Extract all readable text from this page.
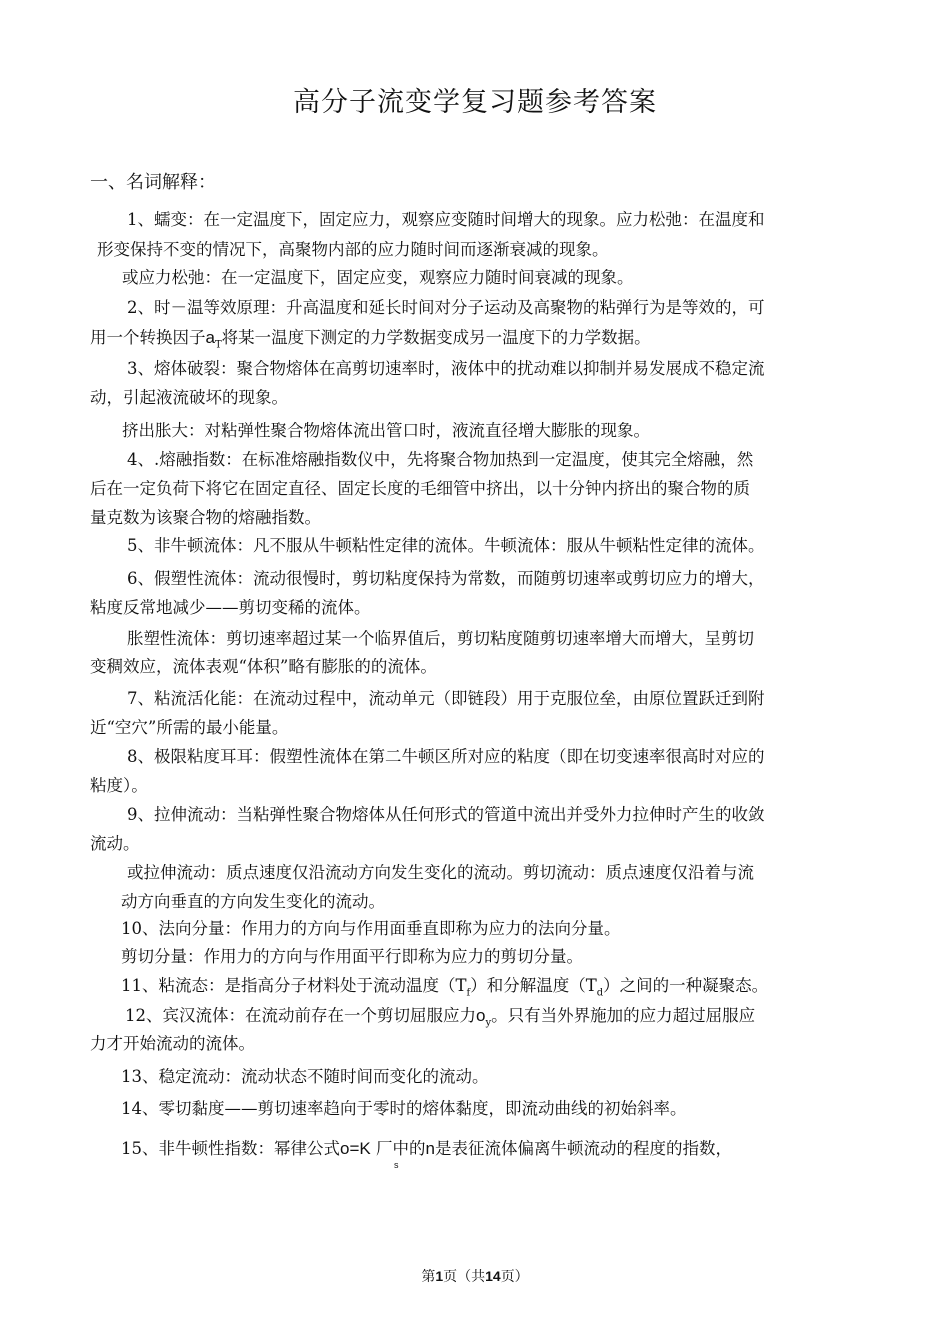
高分子流变学复习题参考答案
一、名词解释：
1、蠕变：在一定温度下，固定应力，观察应变随时间增大的现象。应力松弛：在温度和
形变保持不变的情况下，高聚物内部的应力随时间而逐渐衰减的现象。
或应力松弛：在一定温度下，固定应变，观察应力随时间衰减的现象。
2、时－温等效原理：升高温度和延长时间对分子运动及高聚物的粘弹行为是等效的，可
用一个转换因子$a_T$将某一温度下测定的力学数据变成另一温度下的力学数据。
3、熔体破裂：聚合物熔体在高剪切速率时，液体中的扰动难以抑制并易发展成不稳定流
动，引起液流破坏的现象。
挤出胀大：对粘弹性聚合物熔体流出管口时，液流直径增大膨胀的现象。
4、.熔融指数：在标准熔融指数仪中，先将聚合物加热到一定温度，使其完全熔融，然
后在一定负荷下将它在固定直径、固定长度的毛细管中挤出，以十分钟内挤出的聚合物的质
量克数为该聚合物的熔融指数。
5、非牛顿流体：凡不服从牛顿粘性定律的流体。牛顿流体：服从牛顿粘性定律的流体。
6、假塑性流体：流动很慢时，剪切粘度保持为常数，而随剪切速率或剪切应力的增大，
粘度反常地减少——剪切变稀的流体。
胀塑性流体：剪切速率超过某一个临界值后，剪切粘度随剪切速率增大而增大，呈剪切
变稠效应，流体表观“体积”略有膨胀的的流体。
7、粘流活化能：在流动过程中，流动单元（即链段）用于克服位垒，由原位置跃迁到附
近“空穴”所需的最小能量。
8、极限粘度耳耳：假塑性流体在第二牛顿区所对应的粘度（即在切变速率很高时对应的
粘度）。
9、拉伸流动：当粘弹性聚合物熔体从任何形式的管道中流出并受外力拉伸时产生的收敛
流动。
或拉伸流动：质点速度仅沿流动方向发生变化的流动。剪切流动：质点速度仅沿着与流
动方向垂直的方向发生变化的流动。
10、法向分量：作用力的方向与作用面垂直即称为应力的法向分量。
剪切分量：作用力的方向与作用面平行即称为应力的剪切分量。
11、粘流态：是指高分子材料处于流动温度$(T_f)$和分解温度$(T_d)$之间的一种凝聚态。
12、宾汉流体：在流动前存在一个剪切屈服应力$o_y$。只有当外界施加的应力超过屈服应
力才开始流动的流体。
13、稳定流动：流动状态不随时间而变化的流动。
14、零切黏度——剪切速率趋向于零时的熔体黏度，即流动曲线的初始斜率。
15、非牛顿性指数：幂律公式o=K 厂中的n是表征流体偏离牛顿流动的程度的指数，
s
第1页（共14页）
